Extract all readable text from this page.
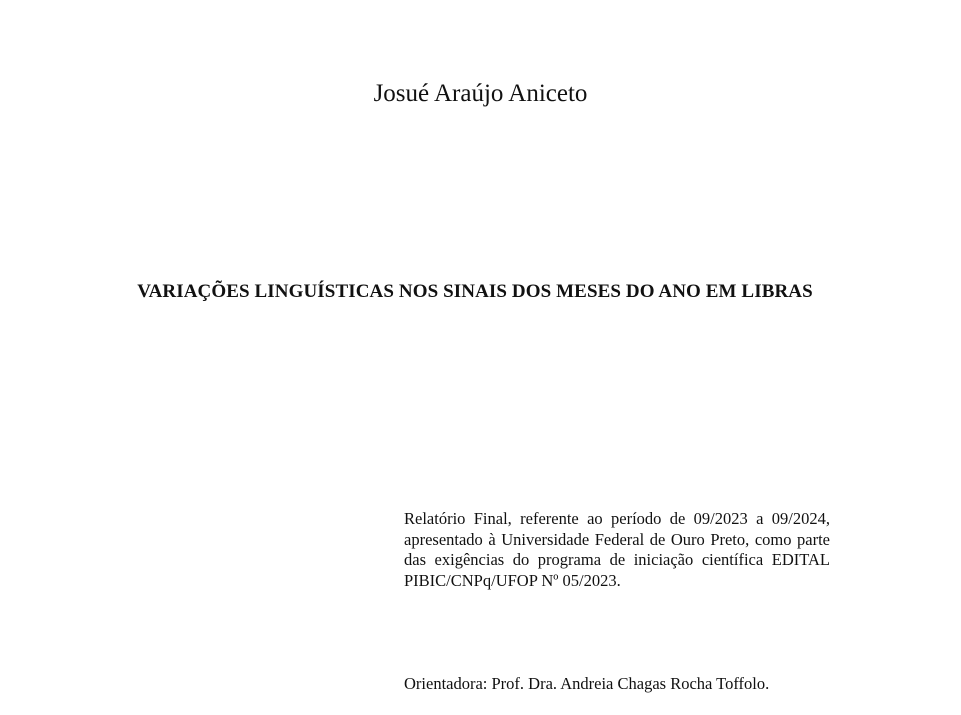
Josué Araújo Aniceto
VARIAÇÕES LINGUÍSTICAS NOS SINAIS DOS MESES DO ANO EM LIBRAS
Relatório Final, referente ao período de 09/2023 a 09/2024, apresentado à Universidade Federal de Ouro Preto, como parte das exigências do programa de iniciação científica EDITAL PIBIC/CNPq/UFOP Nº 05/2023.
Orientadora: Prof. Dra. Andreia Chagas Rocha Toffolo.
